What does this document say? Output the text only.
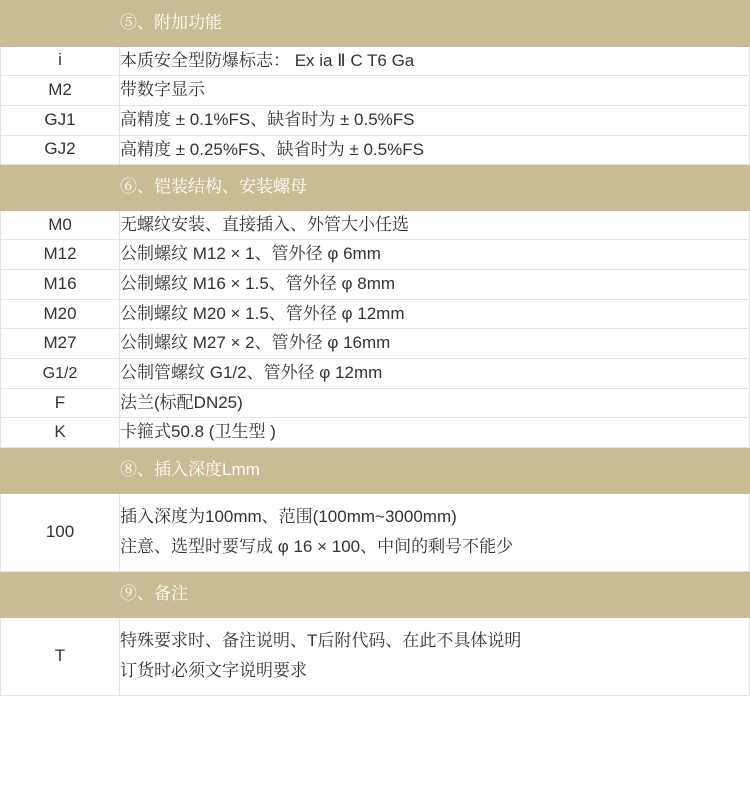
	⑤、附加功能

i	本质安全型防爆标志： Ex ia Ⅱ C T6 Ga

M2	带数字显示

GJ1	高精度 ± 0.1%FS、缺省时为 ± 0.5%FS

GJ2	高精度 ± 0.25%FS、缺省时为 ± 0.5%FS

	⑥、铠装结构、安装螺母

M0	无螺纹安装、直接插入、外管大小任选

M12	公制螺纹 M12 × 1、管外径 φ 6mm

M16	公制螺纹 M16 × 1.5、管外径 φ 8mm

M20	公制螺纹 M20 × 1.5、管外径 φ 12mm

M27	公制螺纹 M27 × 2、管外径 φ 16mm

G1/2	公制管螺纹 G1/2、管外径 φ 12mm

F	法兰(标配DN25)

K	卡箍式50.8 (卫生型 )

	⑧、插入深度Lmm

100	插入深度为100mm、范围(100mm~3000mm)
注意、选型时要写成 φ 16 × 100、中间的剩号不能少

	⑨、备注

T	特殊要求时、备注说明、T后附代码、在此不具体说明
订货时必须文字说明要求
